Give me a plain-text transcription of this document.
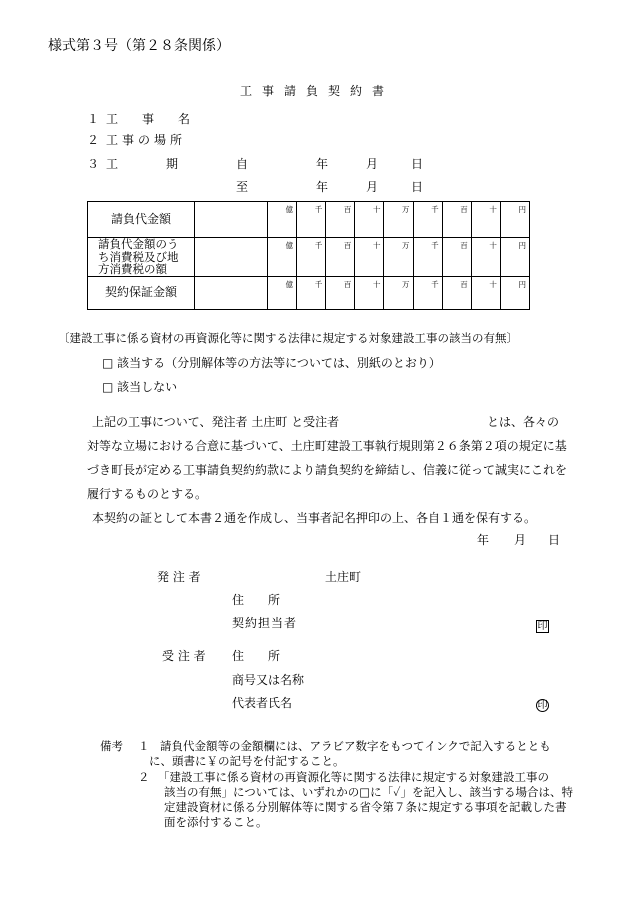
様式第３号（第２８条関係）
工事請負契約書
１ 工　　事　　名
２ 工事の場所
３ 工　　　　期	自	年	月	日
至	年	月	日
請負代金額		億	千	百	十	万	千	百	十	円

請負代金額のう
ち消費税及び地
方消費税の額		億	千	百	十	万	千	百	十	円
契約保証金額		億	千	百	十	万	千	百	十	円
〔建設工事に係る資材の再資源化等に関する法律に規定する対象建設工事の該当の有無〕
□ 該当する（分別解体等の方法等については、別紙のとおり）
□ 該当しない
上記の工事について、発注者 土庄町 と受注者	とは、各々の
対等な立場における合意に基づいて、土庄町建設工事執行規則第２６条第２項の規定に基
づき町長が定める工事請負契約約款により請負契約を締結し、信義に従って誠実にこれを
履行するものとする。
本契約の証として本書２通を作成し、当事者記名押印の上、各自１通を保有する。
年 月 日
発 注 者	土庄町
住　　所
契約担当者	印
受 注 者 住　　所
商号又は名称
代表者氏名	印
備考 １ 請負代金額等の金額欄には、アラビア数字をもつてインクで記入するととも
に、頭書に￥の記号を付記すること。
２ 「建設工事に係る資材の再資源化等に関する法律に規定する対象建設工事の
該当の有無」については、いずれかの□に「✓」を記入し、該当する場合は、特
定建設資材に係る分別解体等に関する省令第７条に規定する事項を記載した書
面を添付すること。
